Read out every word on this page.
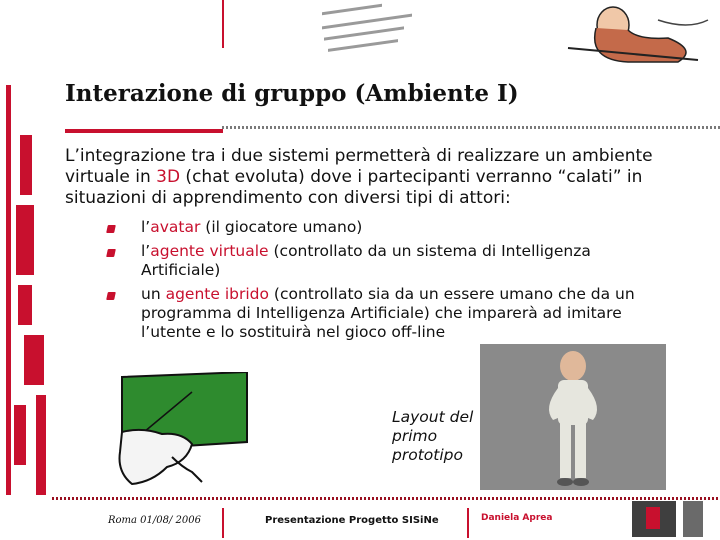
Interazione di gruppo (Ambiente I)
L’integrazione tra i due sistemi permetterà di realizzare un ambiente virtuale in 3D (chat evoluta) dove i partecipanti verranno “calati” in situazioni di apprendimento con diversi tipi di attori:
l’avatar (il giocatore umano)
l’agente virtuale (controllato da un sistema di Intelligenza Artificiale)
un agente ibrido (controllato sia da un essere umano che da un programma di Intelligenza Artificiale) che imparerà ad imitare l’utente e lo sostituirà nel gioco off-line
Layout del
primo
prototipo
Roma 01/08/ 2006	Presentazione Progetto SISiNe	Daniela Aprea
